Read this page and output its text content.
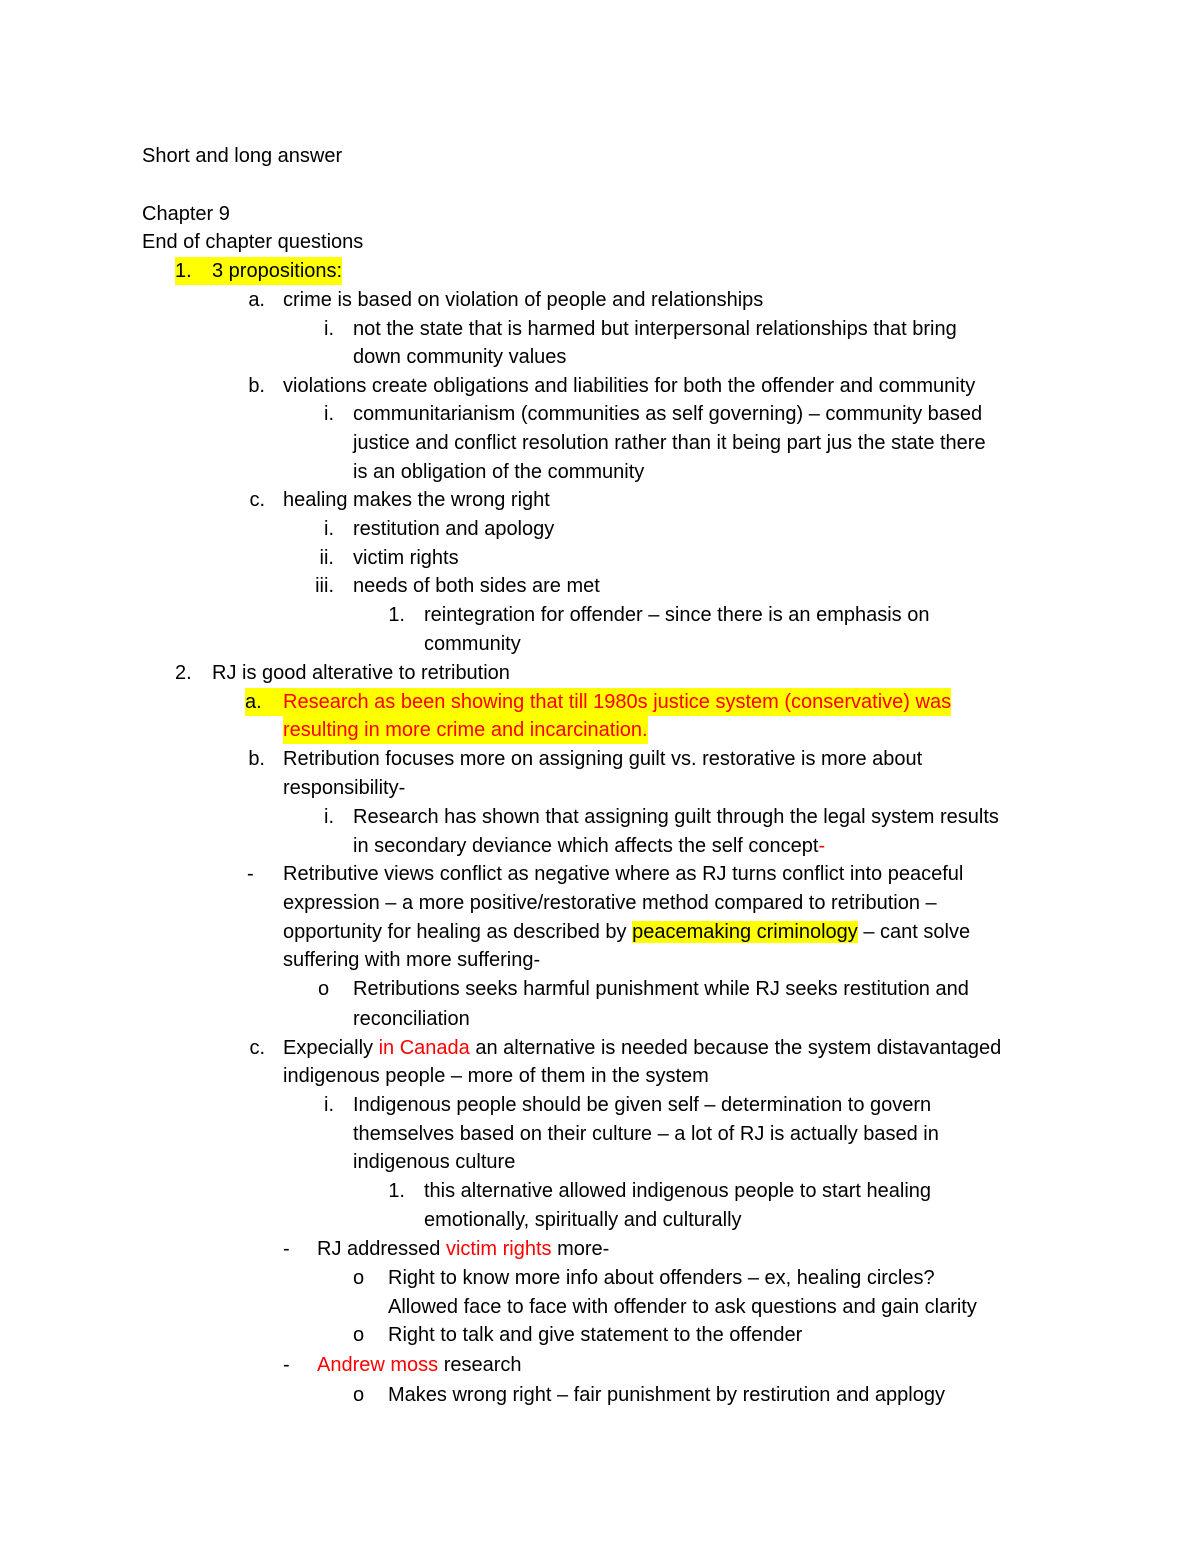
Short and long answer
Chapter 9
End of chapter questions
1.	3 propositions:
a. crime is based on violation of people and relationships
i. not the state that is harmed but interpersonal relationships that bring
down community values
b. violations create obligations and liabilities for both the offender and community
i. communitarianism (communities as self governing) – community based
justice and conflict resolution rather than it being part jus the state there
is an obligation of the community
c. healing makes the wrong right
i. restitution and apology
ii. victim rights
iii. needs of both sides are met
1. reintegration for offender – since there is an emphasis on
community
2. RJ is good alterative to retribution
a.	Research as been showing that till 1980s justice system (conservative) was
resulting in more crime and incarcination.
b. Retribution focuses more on assigning guilt vs. restorative is more about
responsibility-
i. Research has shown that assigning guilt through the legal system results
in secondary deviance which affects the self concept-
- Retributive views conflict as negative where as RJ turns conflict into peaceful
expression – a more positive/restorative method compared to retribution –
opportunity for healing as described by peacemaking criminology – cant solve
suffering with more suffering-
o Retributions seeks harmful punishment while RJ seeks restitution and
reconciliation
c. Expecially in Canada an alternative is needed because the system distavantaged
indigenous people – more of them in the system
i. Indigenous people should be given self – determination to govern
themselves based on their culture – a lot of RJ is actually based in
indigenous culture
1. this alternative allowed indigenous people to start healing
emotionally, spiritually and culturally
- RJ addressed victim rights more-
o Right to know more info about offenders – ex, healing circles?
Allowed face to face with offender to ask questions and gain clarity
o Right to talk and give statement to the offender
- Andrew moss research
o Makes wrong right – fair punishment by restirution and applogy
